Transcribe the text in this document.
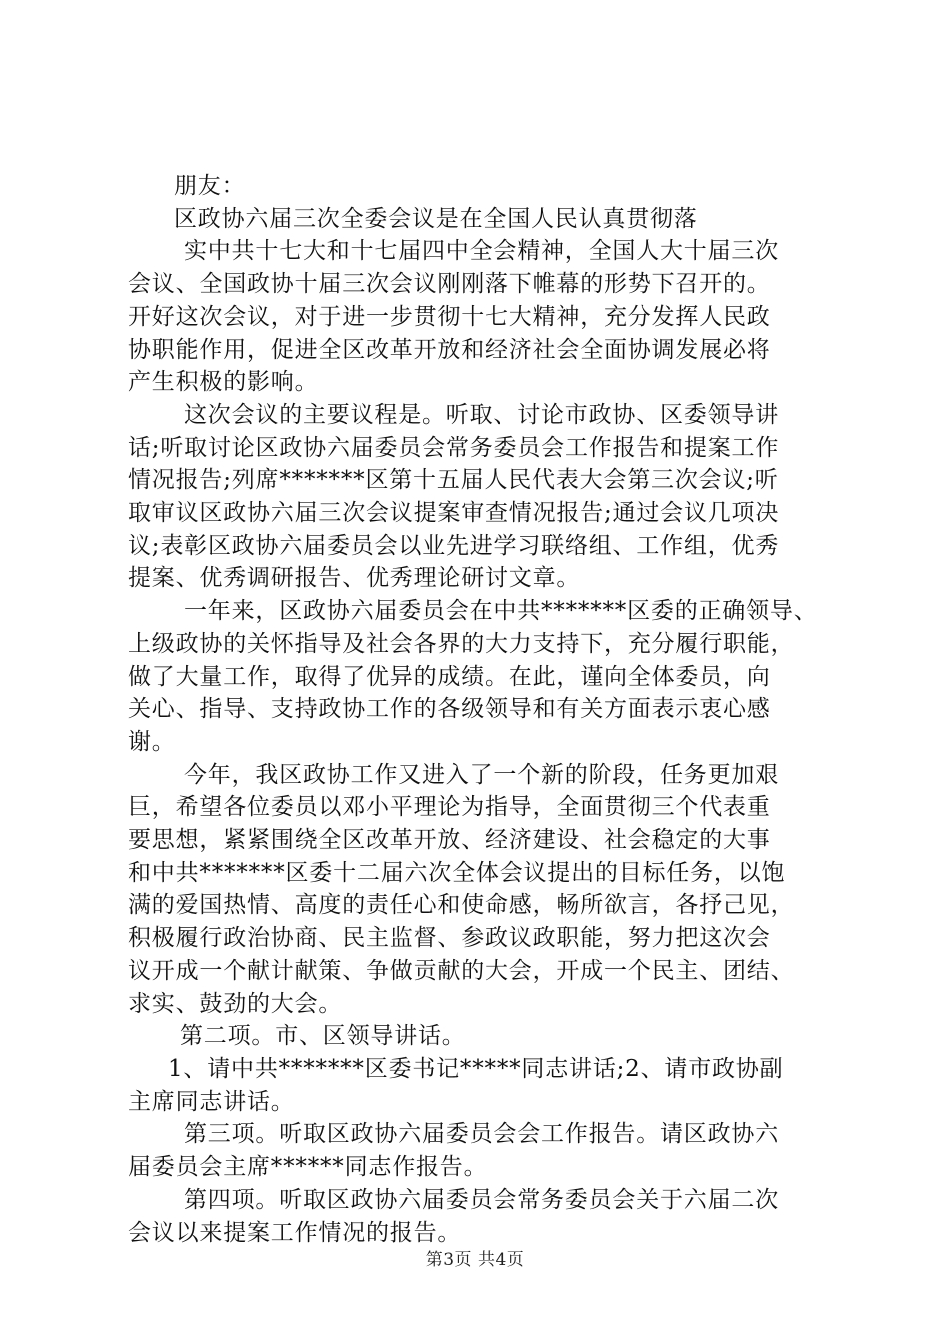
朋友：
区政协六届三次全委会议是在全国人民认真贯彻落
实中共十七大和十七届四中全会精神，全国人大十届三次
会议、全国政协十届三次会议刚刚落下帷幕的形势下召开的。
开好这次会议，对于进一步贯彻十七大精神，充分发挥人民政
协职能作用，促进全区改革开放和经济社会全面协调发展必将
产生积极的影响。
这次会议的主要议程是。听取、讨论市政协、区委领导讲
话;听取讨论区政协六届委员会常务委员会工作报告和提案工作
情况报告;列席*******区第十五届人民代表大会第三次会议;听
取审议区政协六届三次会议提案审查情况报告;通过会议几项决
议;表彰区政协六届委员会以业先进学习联络组、工作组，优秀
提案、优秀调研报告、优秀理论研讨文章。
一年来，区政协六届委员会在中共*******区委的正确领导、
上级政协的关怀指导及社会各界的大力支持下，充分履行职能，
做了大量工作，取得了优异的成绩。在此，谨向全体委员，向
关心、指导、支持政协工作的各级领导和有关方面表示衷心感
谢。
今年，我区政协工作又进入了一个新的阶段，任务更加艰
巨，希望各位委员以邓小平理论为指导，全面贯彻三个代表重
要思想，紧紧围绕全区改革开放、经济建设、社会稳定的大事
和中共*******区委十二届六次全体会议提出的目标任务，以饱
满的爱国热情、高度的责任心和使命感，畅所欲言，各抒己见，
积极履行政治协商、民主监督、参政议政职能，努力把这次会
议开成一个献计献策、争做贡献的大会，开成一个民主、团结、
求实、鼓劲的大会。
第二项。市、区领导讲话。
1、请中共*******区委书记*****同志讲话;2、请市政协副
主席同志讲话。
第三项。听取区政协六届委员会会工作报告。请区政协六
届委员会主席******同志作报告。
第四项。听取区政协六届委员会常务委员会关于六届二次
会议以来提案工作情况的报告。
第3页 共4页
